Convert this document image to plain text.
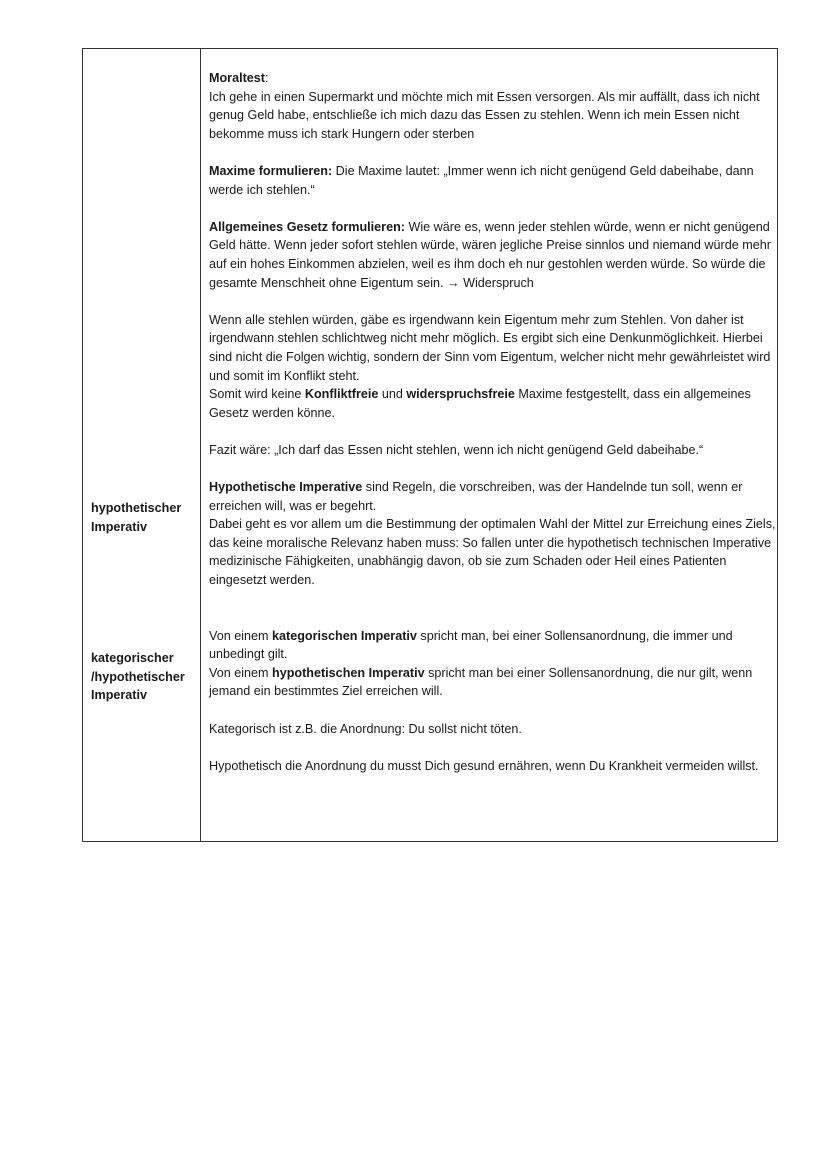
hypothetischer Imperativ
kategorischer
/hypothetischer
Imperativ

Moraltest:
Ich gehe in einen Supermarkt und möchte mich mit Essen versorgen. Als mir auffällt, dass ich nicht genug Geld habe, entschließe ich mich dazu das Essen zu stehlen. Wenn ich mein Essen nicht bekomme muss ich stark Hungern oder sterben

Maxime formulieren: Die Maxime lautet: „Immer wenn ich nicht genügend Geld dabeihabe, dann werde ich stehlen.“

Allgemeines Gesetz formulieren: Wie wäre es, wenn jeder stehlen würde, wenn er nicht genügend Geld hätte. Wenn jeder sofort stehlen würde, wären jegliche Preise sinnlos und niemand würde mehr auf ein hohes Einkommen abzielen, weil es ihm doch eh nur gestohlen werden würde. So würde die gesamte Menschheit ohne Eigentum sein. → Widerspruch

Wenn alle stehlen würden, gäbe es irgendwann kein Eigentum mehr zum Stehlen. Von daher ist irgendwann stehlen schlichtweg nicht mehr möglich. Es ergibt sich eine Denkunmöglichkeit. Hierbei sind nicht die Folgen wichtig, sondern der Sinn vom Eigentum, welcher nicht mehr gewährleistet wird und somit im Konflikt steht.
Somit wird keine Konfliktfreie und widerspruchsfreie Maxime festgestellt, dass ein allgemeines Gesetz werden könne.

Fazit wäre: „Ich darf das Essen nicht stehlen, wenn ich nicht genügend Geld dabeihabe.“

Hypothetische Imperative sind Regeln, die vorschreiben, was der Handelnde tun soll, wenn er erreichen will, was er begehrt.
Dabei geht es vor allem um die Bestimmung der optimalen Wahl der Mittel zur Erreichung eines Ziels, das keine moralische Relevanz haben muss: So fallen unter die hypothetisch technischen Imperative medizinische Fähigkeiten, unabhängig davon, ob sie zum Schaden oder Heil eines Patienten eingesetzt werden.

Von einem kategorischen Imperativ spricht man, bei einer Sollensanordnung, die immer und unbedingt gilt.
Von einem hypothetischen Imperativ spricht man bei einer Sollensanordnung, die nur gilt, wenn jemand ein bestimmtes Ziel erreichen will.

Kategorisch ist z.B. die Anordnung: Du sollst nicht töten.

Hypothetisch die Anordnung du musst Dich gesund ernähren, wenn Du Krankheit vermeiden willst.
